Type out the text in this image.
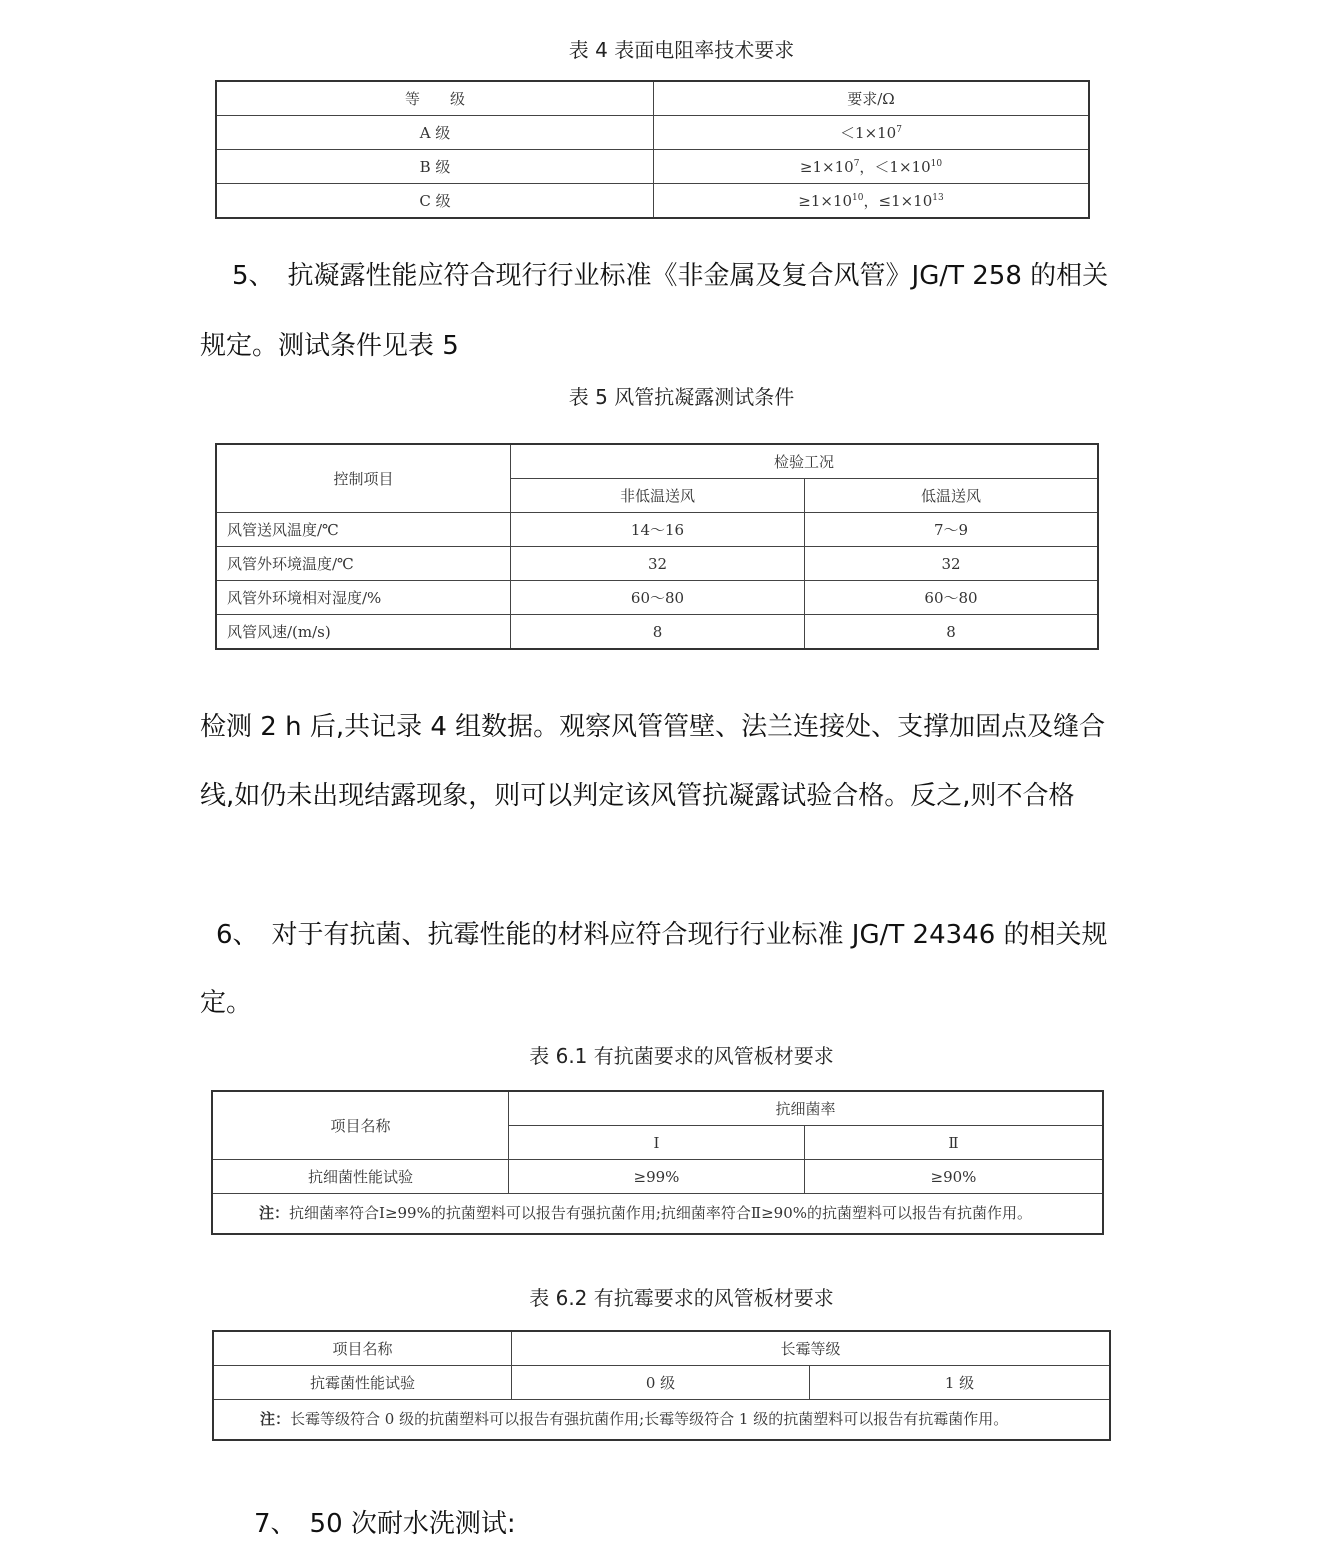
表 4 表面电阻率技术要求
等　　级	要求/Ω
A 级	$<1\times 10^7$
B 级	$\ge 1\times 10^7$，$<1\times 10^{10}$
C 级	$\ge 1\times 10^{10}$，$\le 1\times 10^{13}$
5、　抗凝露性能应符合现行行业标准《非金属及复合风管》JG/T 258 的相关
规定。测试条件见表 5
表 5 风管抗凝露测试条件
控制项目	检验工况	
	非低温送风	低温送风
风管送风温度/℃	14～16	7～9
风管外环境温度/℃	32	32
风管外环境相对湿度/%	60～80	60～80
风管风速/(m/s)	8	8
检测 2 h 后,共记录 4 组数据。观察风管管壁、法兰连接处、支撑加固点及缝合
线,如仍未出现结露现象，则可以判定该风管抗凝露试验合格。反之,则不合格
6、　对于有抗菌、抗霉性能的材料应符合现行行业标准 JG/T 24346 的相关规
定。
表 6.1 有抗菌要求的风管板材要求
项目名称	抗细菌率	
	Ⅰ	Ⅱ
抗细菌性能试验	≥99%	≥90%
注：抗细菌率符合Ⅰ≥99%的抗菌塑料可以报告有强抗菌作用;抗细菌率符合Ⅱ≥90%的抗菌塑料可以报告有抗菌作用。		
表 6.2 有抗霉要求的风管板材要求
项目名称	长霉等级	
抗霉菌性能试验	0 级	1 级
注：长霉等级符合 0 级的抗菌塑料可以报告有强抗菌作用;长霉等级符合 1 级的抗菌塑料可以报告有抗霉菌作用。		
7、　50 次耐水洗测试:
